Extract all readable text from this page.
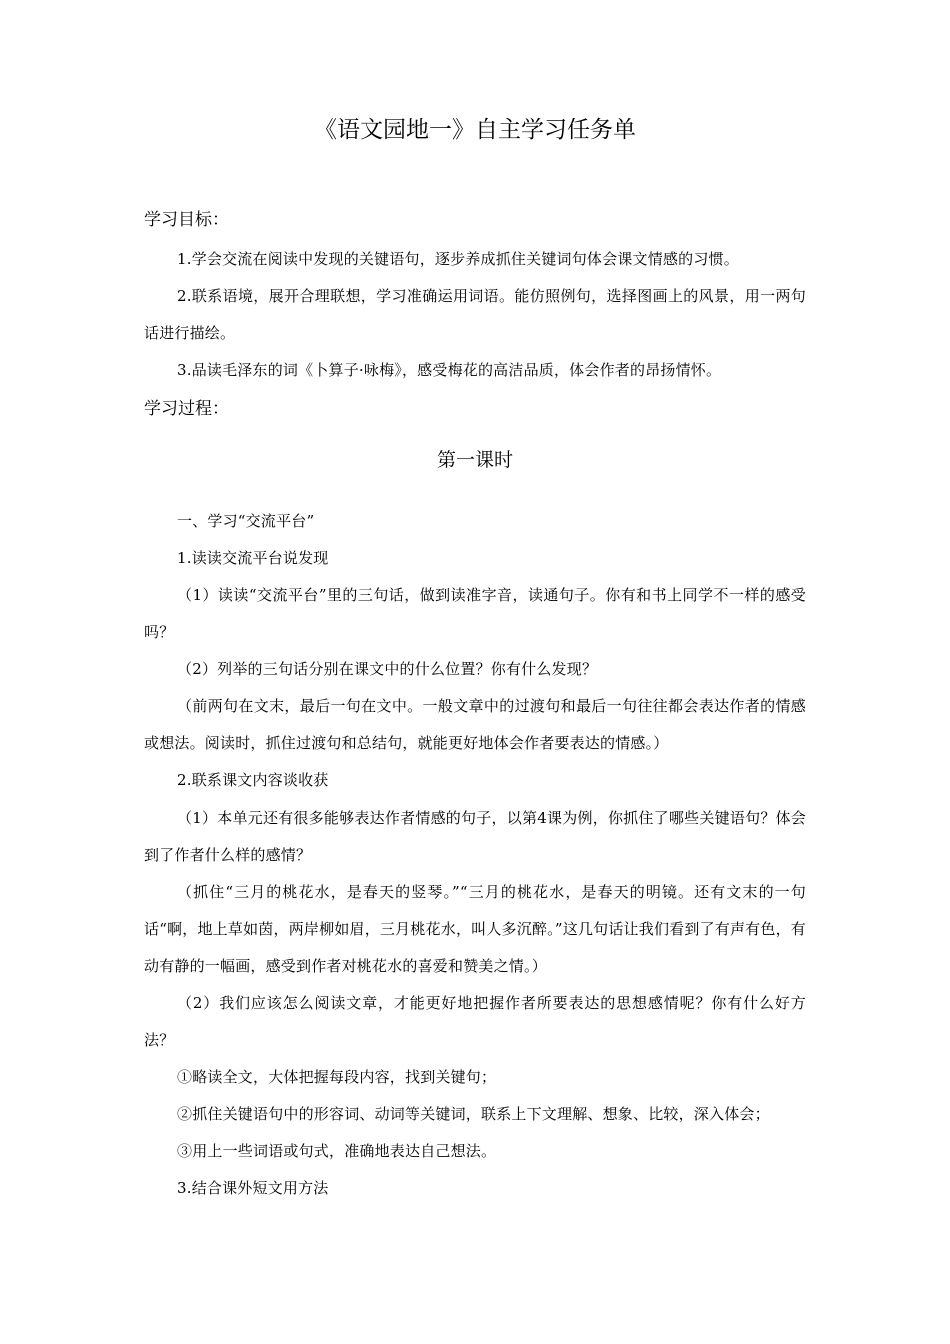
《语文园地一》自主学习任务单
学习目标：

1.学会交流在阅读中发现的关键语句，逐步养成抓住关键词句体会课文情感的习惯。

2.联系语境，展开合理联想，学习准确运用词语。能仿照例句，选择图画上的风景，用一两句话进行描绘。

3.品读毛泽东的词《卜算子·咏梅》，感受梅花的高洁品质，体会作者的昂扬情怀。

学习过程：
第一课时

一、学习“交流平台”

1.读读交流平台说发现

（1）读读“交流平台”里的三句话，做到读准字音，读通句子。你有和书上同学不一样的感受吗？

（2）列举的三句话分别在课文中的什么位置？你有什么发现？

（前两句在文末，最后一句在文中。一般文章中的过渡句和最后一句往往都会表达作者的情感或想法。阅读时，抓住过渡句和总结句，就能更好地体会作者要表达的情感。）

2.联系课文内容谈收获

（1）本单元还有很多能够表达作者情感的句子，以第4课为例，你抓住了哪些关键语句？体会到了作者什么样的感情？

（抓住“三月的桃花水，是春天的竖琴。”“三月的桃花水，是春天的明镜。还有文末的一句话“啊，地上草如茵，两岸柳如眉，三月桃花水，叫人多沉醉。”这几句话让我们看到了有声有色，有动有静的一幅画，感受到作者对桃花水的喜爱和赞美之情。）

（2）我们应该怎么阅读文章，才能更好地把握作者所要表达的思想感情呢？你有什么好方法？

①略读全文，大体把握每段内容，找到关键句；

②抓住关键语句中的形容词、动词等关键词，联系上下文理解、想象、比较，深入体会；

③用上一些词语或句式，准确地表达自己想法。

3.结合课外短文用方法
